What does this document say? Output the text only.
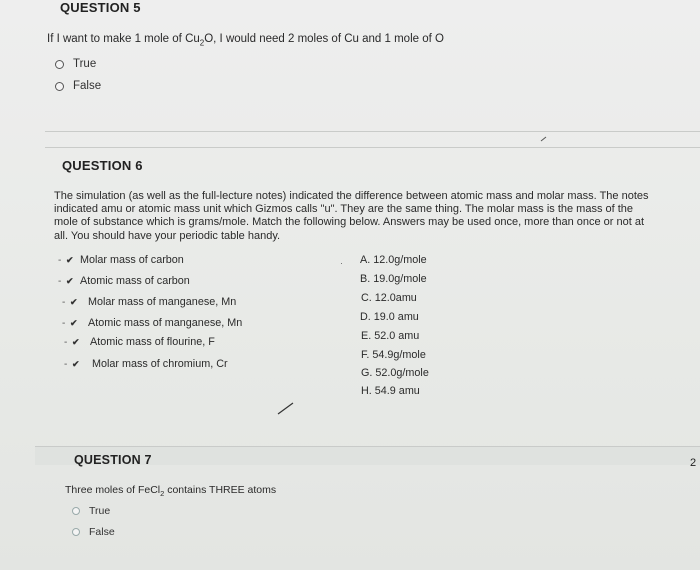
QUESTION 5
If I want to make 1 mole of $Cu_2O$, I would need 2 moles of Cu and 1 mole of O
True
False
QUESTION 6
The simulation (as well as the full-lecture notes) indicated the difference between atomic mass and molar mass. The notes
indicated amu or atomic mass unit which Gizmos calls "u". They are the same thing. The molar mass is the mass of the
mole of substance which is grams/mole. Match the following below. Answers may be used once, more than once or not at
all. You should have your periodic table handy.
- ✔ Molar mass of carbon
- ✔ Atomic mass of carbon
- ✔ Molar mass of manganese, Mn
- ✔ Atomic mass of manganese, Mn
- ✔ Atomic mass of flourine, F
- ✔	Molar mass of chromium, Cr
· A. 12.0g/mole
B. 19.0g/mole
C. 12.0amu
D. 19.0 amu
E. 52.0 amu
F. 54.9g/mole
G. 52.0g/mole
H. 54.9 amu
QUESTION 7	2
Three moles of FeCl$_2$ contains THREE atoms
True
False
